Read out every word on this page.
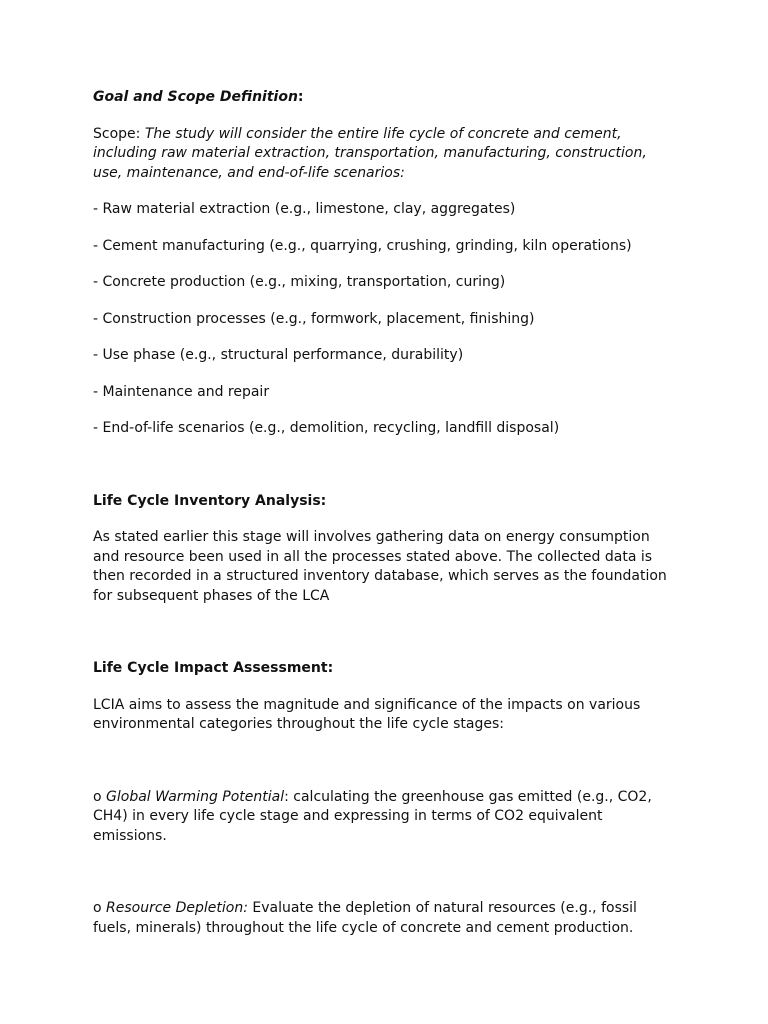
Goal and Scope Definition:

Scope: The study will consider the entire life cycle of concrete and cement, including raw material extraction, transportation, manufacturing, construction, use, maintenance, and end-of-life scenarios:

- Raw material extraction (e.g., limestone, clay, aggregates)

- Cement manufacturing (e.g., quarrying, crushing, grinding, kiln operations)

- Concrete production (e.g., mixing, transportation, curing)

- Construction processes (e.g., formwork, placement, finishing)

- Use phase (e.g., structural performance, durability)

- Maintenance and repair

- End-of-life scenarios (e.g., demolition, recycling, landfill disposal)

Life Cycle Inventory Analysis:

As stated earlier this stage will involves gathering data on energy consumption and resource been used in all the processes stated above. The collected data is then recorded in a structured inventory database, which serves as the foundation for subsequent phases of the LCA

Life Cycle Impact Assessment:

LCIA aims to assess the magnitude and significance of the impacts on various environmental categories throughout the life cycle stages:

o Global Warming Potential: calculating the greenhouse gas emitted (e.g., CO2, CH4) in every life cycle stage and expressing in terms of CO2 equivalent emissions.

o Resource Depletion: Evaluate the depletion of natural resources (e.g., fossil fuels, minerals) throughout the life cycle of concrete and cement production.
